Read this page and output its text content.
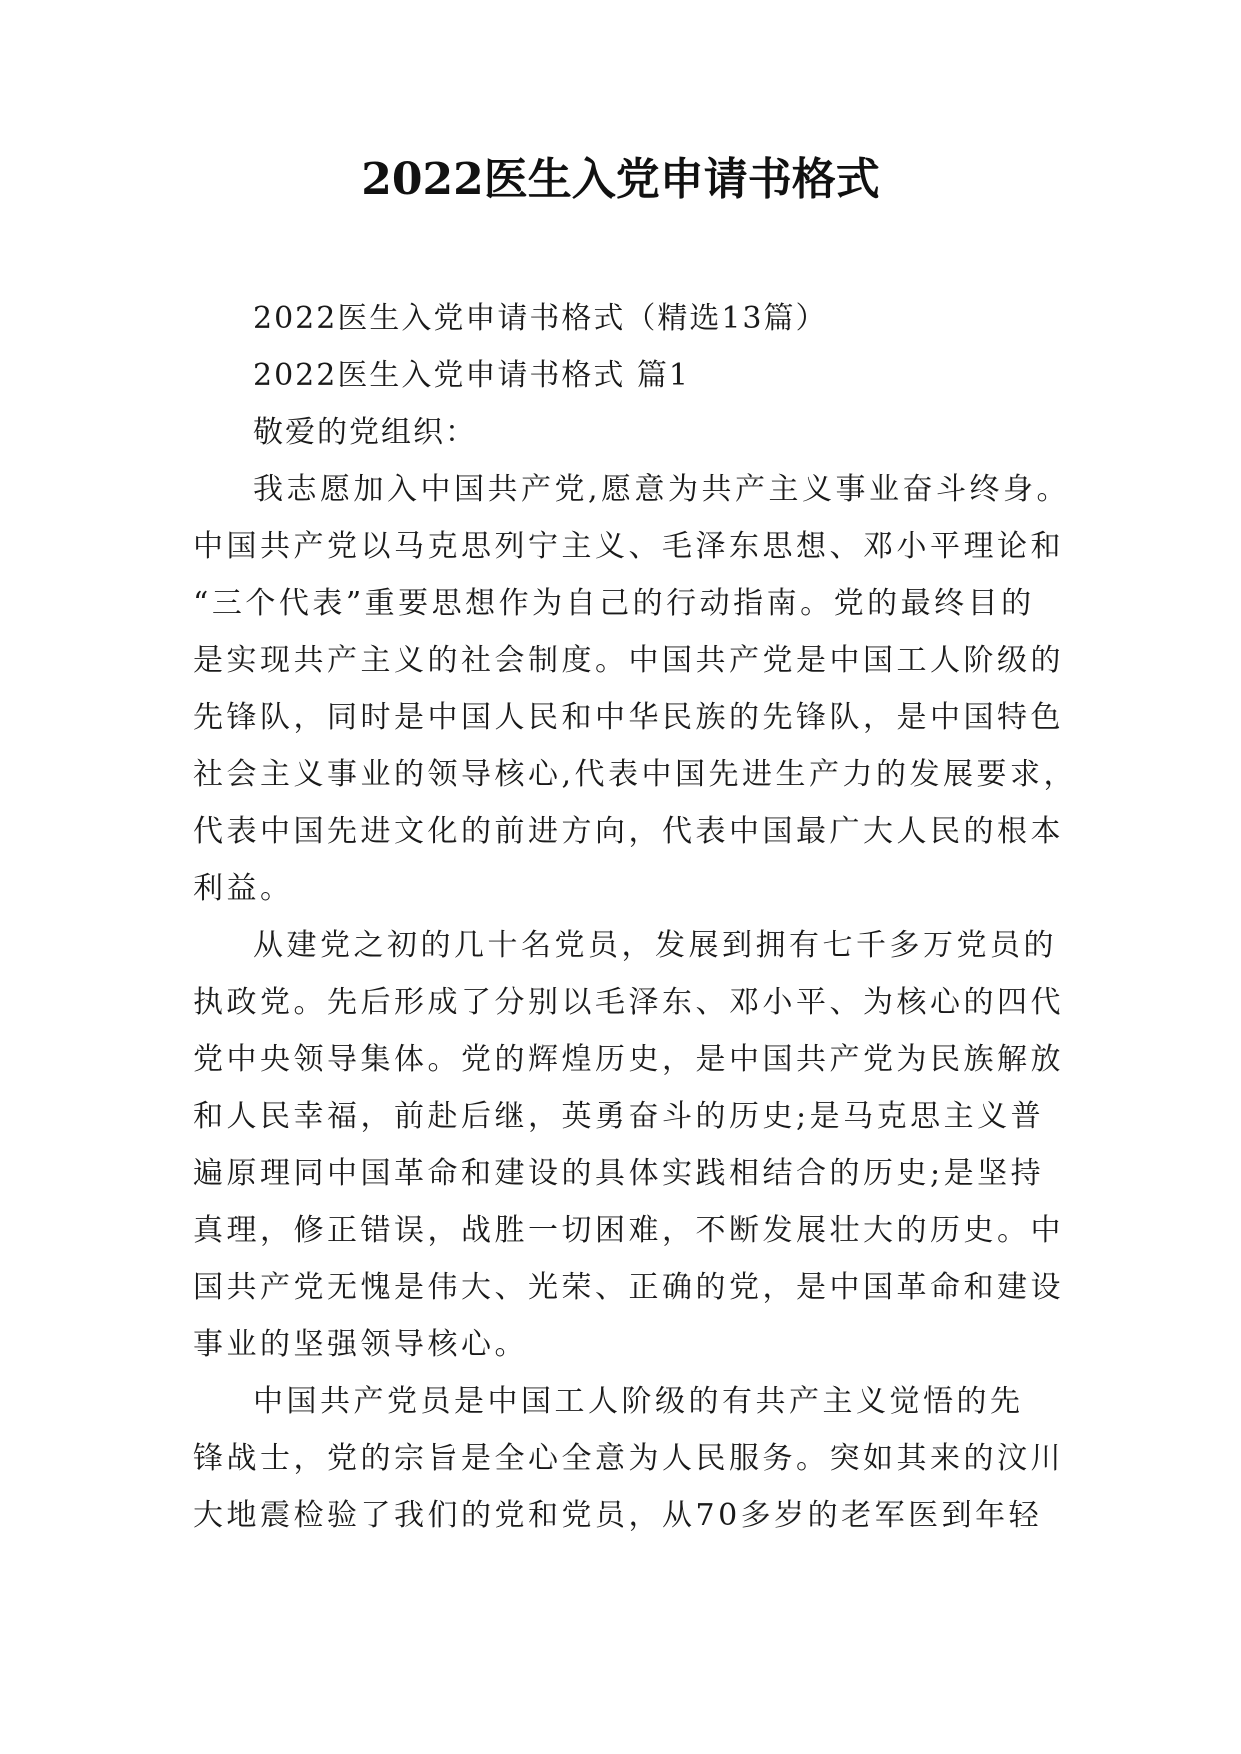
2022医生入党申请书格式
2022医生入党申请书格式（精选13篇）
2022医生入党申请书格式 篇1
敬爱的党组织：
我志愿加入中国共产党,愿意为共产主义事业奋斗终身。
中国共产党以马克思列宁主义、毛泽东思想、邓小平理论和
“三个代表”重要思想作为自己的行动指南。党的最终目的
是实现共产主义的社会制度。中国共产党是中国工人阶级的
先锋队，同时是中国人民和中华民族的先锋队，是中国特色
社会主义事业的领导核心,代表中国先进生产力的发展要求，
代表中国先进文化的前进方向，代表中国最广大人民的根本
利益。
从建党之初的几十名党员，发展到拥有七千多万党员的
执政党。先后形成了分别以毛泽东、邓小平、为核心的四代
党中央领导集体。党的辉煌历史，是中国共产党为民族解放
和人民幸福，前赴后继，英勇奋斗的历史;是马克思主义普
遍原理同中国革命和建设的具体实践相结合的历史;是坚持
真理，修正错误，战胜一切困难，不断发展壮大的历史。中
国共产党无愧是伟大、光荣、正确的党，是中国革命和建设
事业的坚强领导核心。
中国共产党员是中国工人阶级的有共产主义觉悟的先
锋战士，党的宗旨是全心全意为人民服务。突如其来的汶川
大地震检验了我们的党和党员，从70多岁的老军医到年轻
